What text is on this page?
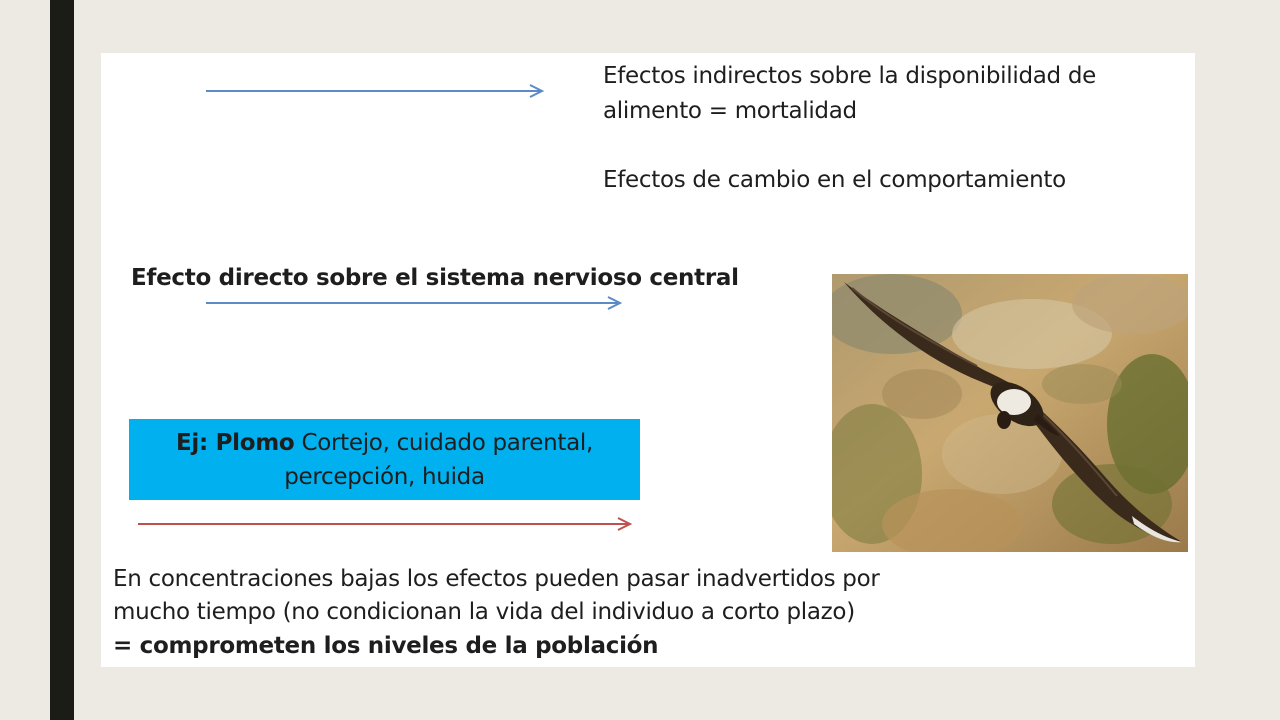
Efectos indirectos sobre la disponibilidad de
alimento = mortalidad
Efectos de cambio en el comportamiento
Efecto directo sobre el sistema nervioso central
Ej: Plomo Cortejo, cuidado parental,
percepción, huida
En concentraciones bajas los efectos pueden pasar inadvertidos por
mucho tiempo (no condicionan la vida del individuo a corto plazo)
= comprometen los niveles de la población
